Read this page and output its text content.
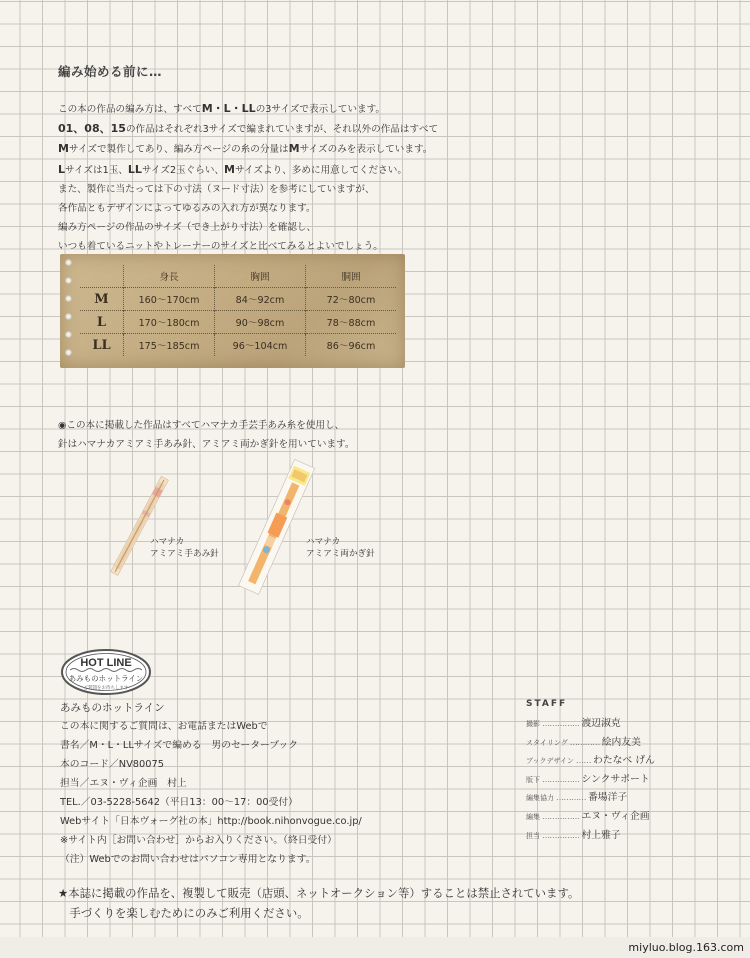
編み始める前に…
この本の作品の編み方は、すべてM・L・LLの3サイズで表示しています。
01、08、15の作品はそれぞれ3サイズで編まれていますが、それ以外の作品はすべて
Mサイズで製作してあり、編み方ページの糸の分量はMサイズのみを表示しています。
Lサイズは1玉、LLサイズ2玉ぐらい、Mサイズより、多めに用意してください。
また、製作に当たっては下の寸法（ヌード寸法）を参考にしていますが、
各作品ともデザインによってゆるみの入れ方が異なります。
編み方ページの作品のサイズ（でき上がり寸法）を確認し、
いつも着ているニットやトレーナーのサイズと比べてみるとよいでしょう。
	身長	胸囲	胴囲
M	160〜170cm	84〜92cm	72〜80cm
L	170〜180cm	90〜98cm	78〜88cm
LL	175〜185cm	96〜104cm	86〜96cm
◉この本に掲載した作品はすべてハマナカ手芸手あみ糸を使用し、
針はハマナカアミアミ手あみ針、アミアミ両かぎ針を用いています。
ハマナカ
アミアミ手あみ針
ハマナカ
アミアミ両かぎ針
HOT LINE
あみものホットライン
ご質問をお待ちします
あみものホットライン
この本に関するご質問は、お電話またはWebで
書名／M・L・LLサイズで編める　男のセーターブック
本のコード／NV80075
担当／エヌ・ヴィ企画　村上
TEL.／03-5228-5642（平日13：00〜17：00受付）
Webサイト「日本ヴォーグ社の本」http://book.nihonvogue.co.jp/
※サイト内［お問い合わせ］からお入りください。（終日受付）
（注）Webでのお問い合わせはパソコン専用となります。
STAFF
撮影 …………… 渡辺淑克
スタイリング ………… 絵内友美
ブックデザイン …… わたなべ げん
版下 …………… シンクサポート
編集協力 ………… 番場洋子
編集 …………… エヌ・ヴィ企画
担当 …………… 村上雅子
★本誌に掲載の作品を、複製して販売（店頭、ネットオークション等）することは禁止されています。
　手づくりを楽しむためにのみご利用ください。
miyluo.blog.163.com
